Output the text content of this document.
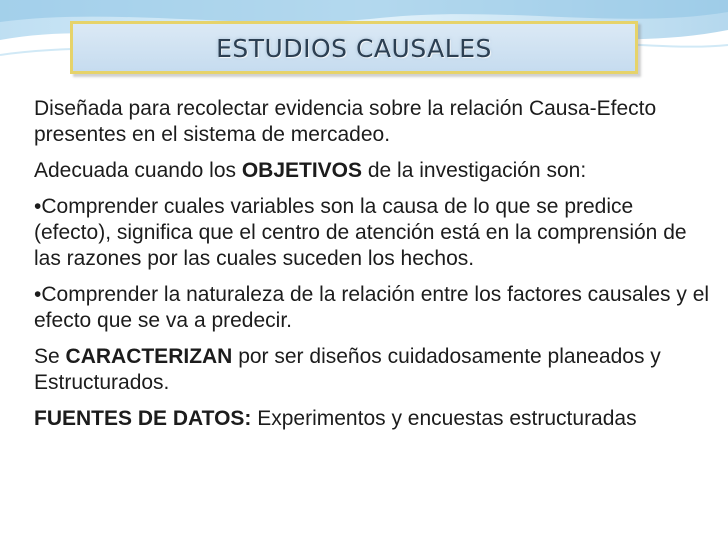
ESTUDIOS CAUSALES

Diseñada para recolectar evidencia sobre la relación Causa-Efecto presentes en el sistema de mercadeo.

Adecuada cuando los OBJETIVOS de la investigación son:

•Comprender cuales variables son la causa de lo que se predice (efecto), significa que el centro de atención está en la comprensión de las razones por las cuales suceden los hechos.

•Comprender la naturaleza de la relación entre los factores causales y el efecto que se va a predecir.

Se CARACTERIZAN por ser diseños cuidadosamente planeados y Estructurados.

FUENTES DE DATOS: Experimentos y encuestas estructuradas
